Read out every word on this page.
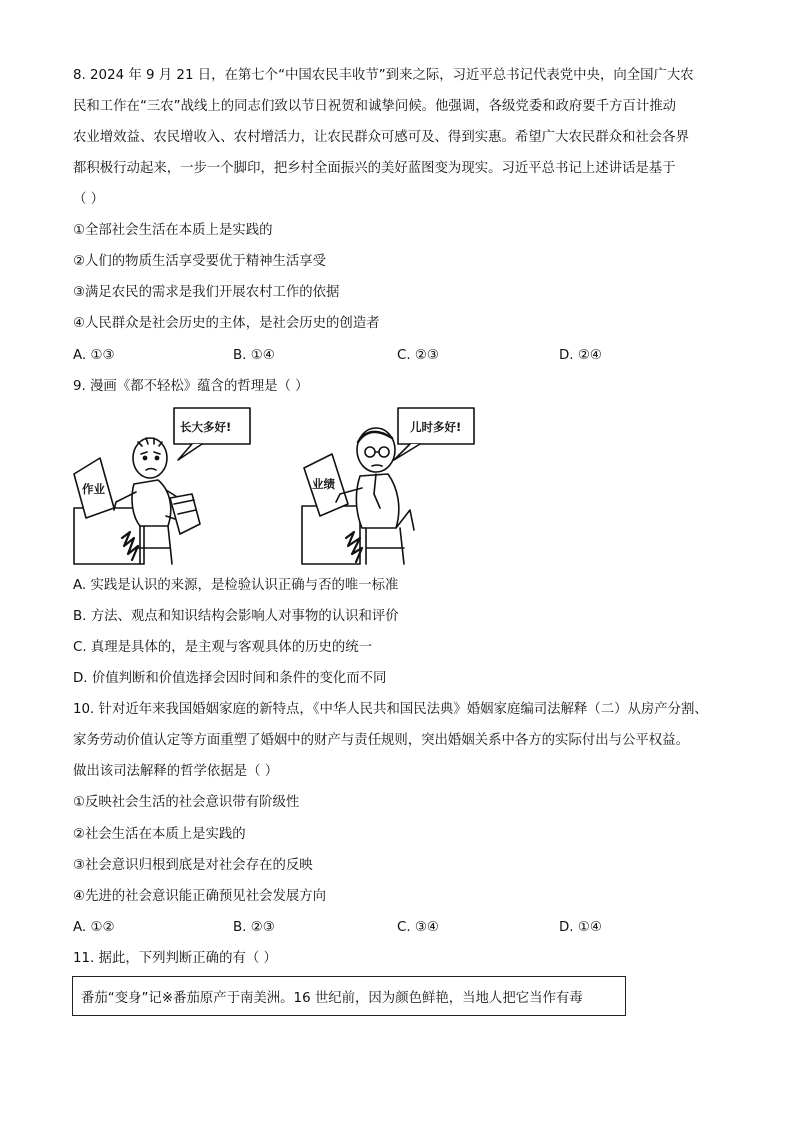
8. 2024 年 9 月 21 日，在第七个“中国农民丰收节”到来之际，习近平总书记代表党中央，向全国广大农
民和工作在“三农”战线上的同志们致以节日祝贺和诚挚问候。他强调，各级党委和政府要千方百计推动
农业增效益、农民增收入、农村增活力，让农民群众可感可及、得到实惠。希望广大农民群众和社会各界
都积极行动起来，一步一个脚印，把乡村全面振兴的美好蓝图变为现实。习近平总书记上述讲话是基于
（ ）
①全部社会生活在本质上是实践的
②人们的物质生活享受要优于精神生活享受
③满足农民的需求是我们开展农村工作的依据
④人民群众是社会历史的主体，是社会历史的创造者
A. ①③	B. ①④	C. ②③	D. ②④
9. 漫画《都不轻松》蕴含的哲理是（ ）
长大多好!
作业
儿时多好!
业绩
A. 实践是认识的来源，是检验认识正确与否的唯一标准
B. 方法、观点和知识结构会影响人对事物的认识和评价
C. 真理是具体的，是主观与客观具体的历史的统一
D. 价值判断和价值选择会因时间和条件的变化而不同
10. 针对近年来我国婚姻家庭的新特点，《中华人民共和国民法典》婚姻家庭编司法解释（二）从房产分割、
家务劳动价值认定等方面重塑了婚姻中的财产与责任规则，突出婚姻关系中各方的实际付出与公平权益。
做出该司法解释的哲学依据是（ ）
①反映社会生活的社会意识带有阶级性
②社会生活在本质上是实践的
③社会意识归根到底是对社会存在的反映
④先进的社会意识能正确预见社会发展方向
A. ①②	B. ②③	C. ③④	D. ①④
11. 据此，下列判断正确的有（ ）
番茄“变身”记※番茄原产于南美洲。16 世纪前，因为颜色鲜艳，当地人把它当作有毒
